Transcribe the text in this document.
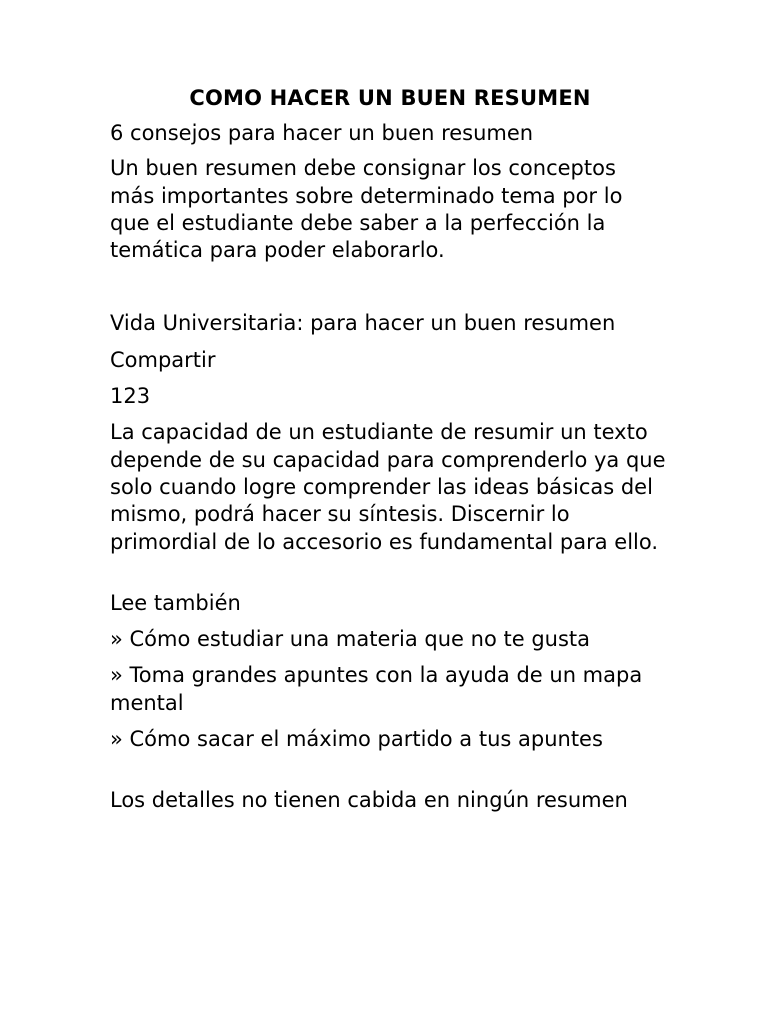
COMO HACER UN BUEN RESUMEN

6 consejos para hacer un buen resumen

Un buen resumen debe consignar los conceptos más importantes sobre determinado tema por lo que el estudiante debe saber a la perfección la temática para poder elaborarlo.

Vida Universitaria: para hacer un buen resumen

Compartir

123

La capacidad de un estudiante de resumir un texto depende de su capacidad para comprenderlo ya que solo cuando logre comprender las ideas básicas del mismo, podrá hacer su síntesis. Discernir lo primordial de lo accesorio es fundamental para ello.

Lee también

» Cómo estudiar una materia que no te gusta

» Toma grandes apuntes con la ayuda de un mapa mental

» Cómo sacar el máximo partido a tus apuntes

Los detalles no tienen cabida en ningún resumen
